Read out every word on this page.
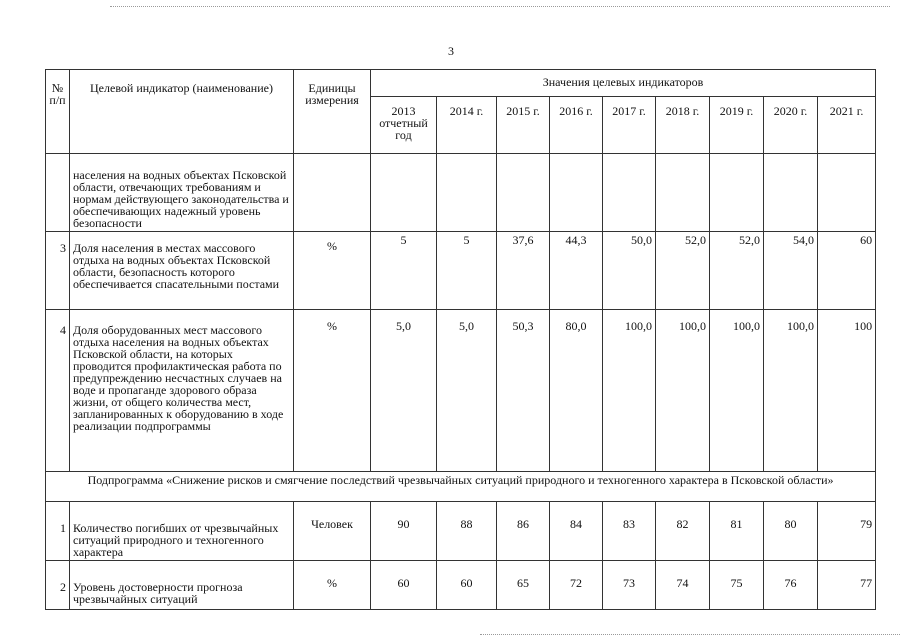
3
№ п/п	Целевой индикатор (наименование)	Единицы измерения	Значения целевых индикаторов								
			2013 отчетный год	2014 г.	2015 г.	2016 г.	2017 г.	2018 г.	2019 г.	2020 г.	2021 г.
	населения на водных объектах Псковской области, отвечающих требованиям и нормам действующего законодательства и обеспечивающих надежный уровень безопасности										
3	Доля населения в местах массового отдыха на водных объектах Псковской области, безопасность которого обеспечивается спасательными постами	%	5	5	37,6	44,3	50,0	52,0	52,0	54,0	60
4	Доля оборудованных мест массового отдыха населения на водных объектах Псковской области, на которых проводится профилактическая работа по предупреждению несчастных случаев на воде и пропаганде здорового образа жизни, от общего количества мест, запланированных к оборудованию в ходе реализации подпрограммы	%	5,0	5,0	50,3	80,0	100,0	100,0	100,0	100,0	100
Подпрограмма «Снижение рисков и смягчение последствий чрезвычайных ситуаций природного и техногенного характера в Псковской области»											
1	Количество погибших от чрезвычайных ситуаций природного и техногенного характера	Человек	90	88	86	84	83	82	81	80	79
2	Уровень достоверности прогноза чрезвычайных ситуаций	%	60	60	65	72	73	74	75	76	77
